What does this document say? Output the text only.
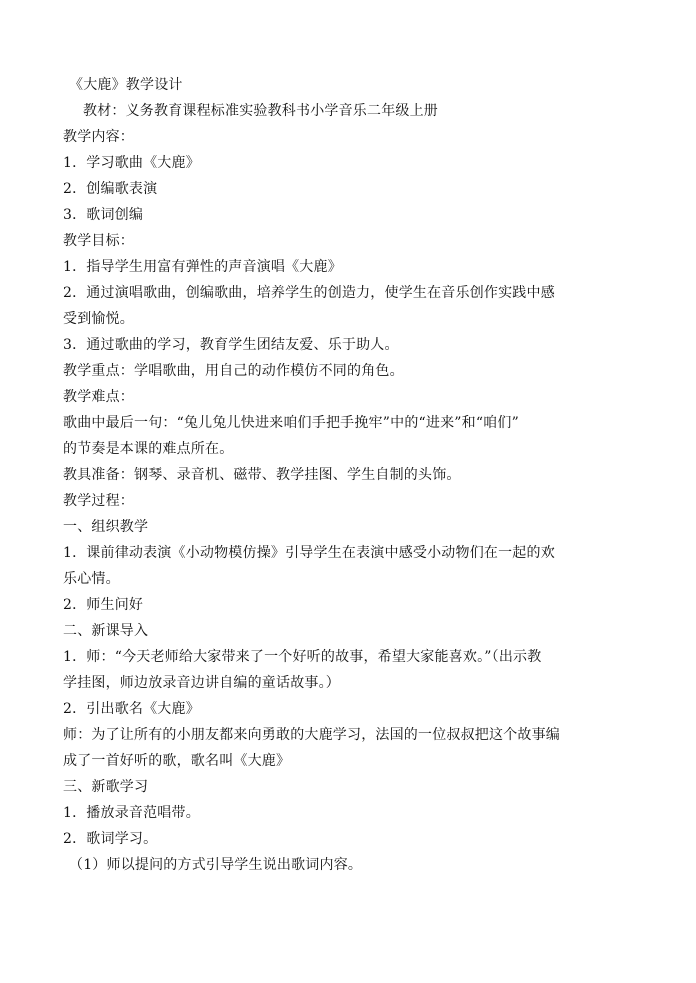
《大鹿》教学设计
教材：义务教育课程标准实验教科书小学音乐二年级上册
教学内容：
1．学习歌曲《大鹿》
2．创编歌表演
3．歌词创编
教学目标：
1．指导学生用富有弹性的声音演唱《大鹿》
2．通过演唱歌曲，创编歌曲，培养学生的创造力，使学生在音乐创作实践中感
受到愉悦。
3．通过歌曲的学习，教育学生团结友爱、乐于助人。
教学重点：学唱歌曲，用自己的动作模仿不同的角色。
教学难点：
歌曲中最后一句：“兔儿兔儿快进来咱们手把手挽牢”中的“进来”和“咱们”
的节奏是本课的难点所在。
教具准备：钢琴、录音机、磁带、教学挂图、学生自制的头饰。
教学过程：
一、组织教学
1．课前律动表演《小动物模仿操》引导学生在表演中感受小动物们在一起的欢
乐心情。
2．师生问好
二、新课导入
1．师：“今天老师给大家带来了一个好听的故事，希望大家能喜欢。”（出示教
学挂图，师边放录音边讲自编的童话故事。）
2．引出歌名《大鹿》
师：为了让所有的小朋友都来向勇敢的大鹿学习，法国的一位叔叔把这个故事编
成了一首好听的歌，歌名叫《大鹿》
三、新歌学习
1．播放录音范唱带。
2．歌词学习。
（1）师以提问的方式引导学生说出歌词内容。
